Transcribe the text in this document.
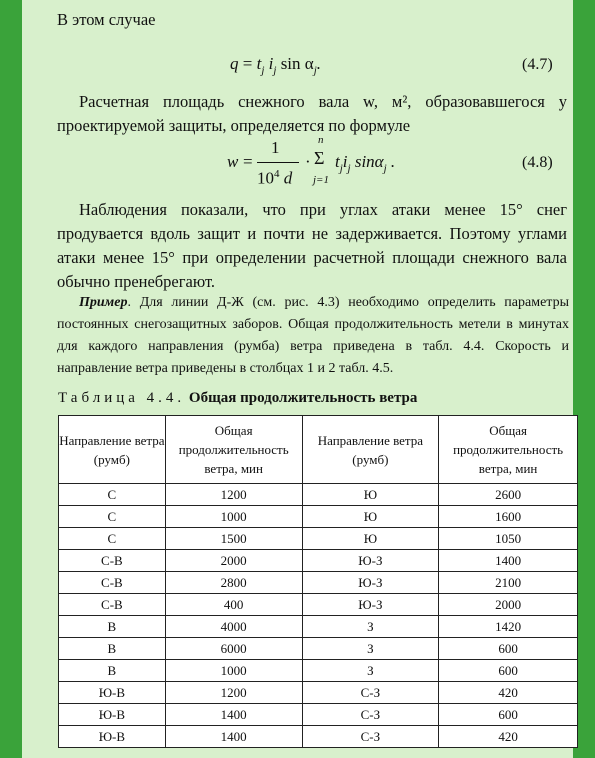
В этом случае
$q = t_j$ $i_j$ $\sin \alpha_j$.	(4.7)
Расчетная площадь снежного вала w, м², образовавшегося у проектируемой защиты, определяется по формуле
w =
1
$10^4$ d
·
n
Σ
j=1
$t_ji_j$ sinα$_j$ .	(4.8)
Наблюдения показали, что при углах атаки менее 15° снег продувается вдоль защит и почти не задерживается. Поэтому углами атаки менее 15° при определении расчетной площади снежного вала обычно пренебрегают.
Пример. Для линии Д-Ж (см. рис. 4.3) необходимо определить параметры постоянных снегозащитных заборов. Общая продолжительность метели в минутах для каждого направления (румба) ветра приведена в табл. 4.4. Скорость и направление ветра приведены в столбцах 1 и 2 табл. 4.5.
Таблица 4.4. Общая продолжительность ветра
Направление ветра (румб)	Общая продолжительность ветра, мин	Направление ветра (румб)	Общая продолжительность ветра, мин
С	1200	Ю	2600
С	1000	Ю	1600
С	1500	Ю	1050
С-В	2000	Ю-З	1400
С-В	2800	Ю-З	2100
С-В	400	Ю-З	2000
В	4000	З	1420
В	6000	З	600
В	1000	З	600
Ю-В	1200	С-З	420
Ю-В	1400	С-З	600
Ю-В	1400	С-З	420
